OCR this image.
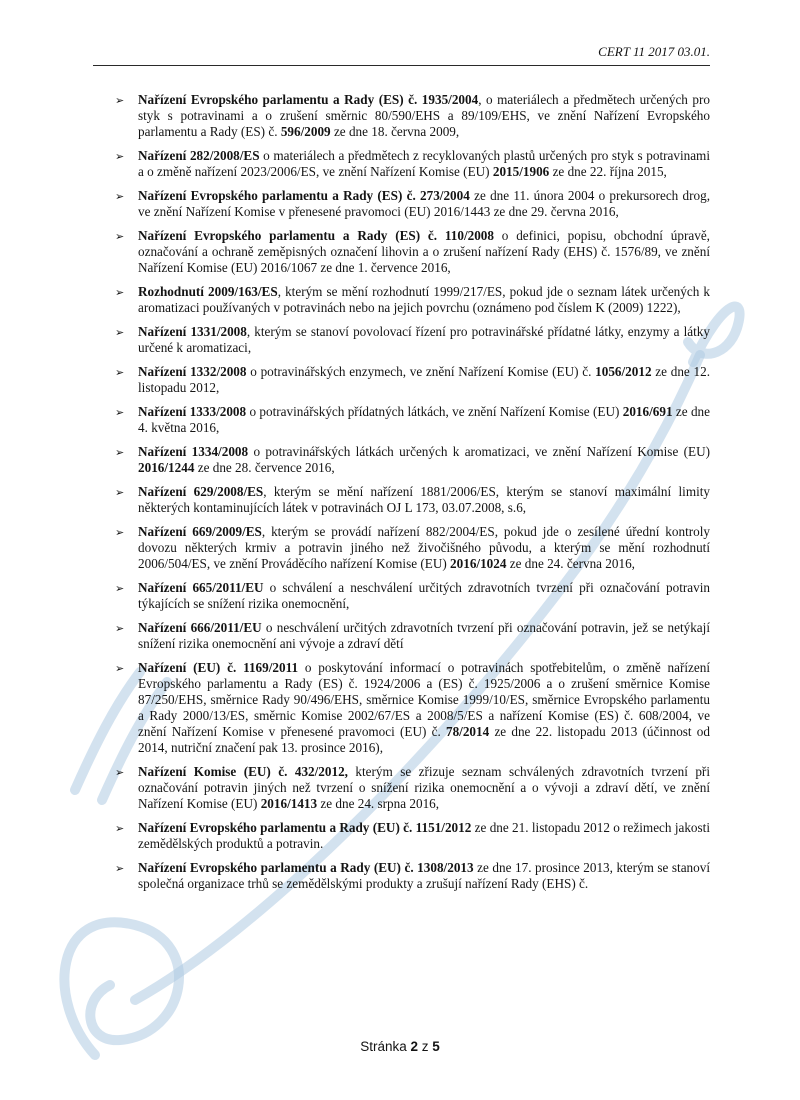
CERT 11 2017 03.01.
➢ Nařízení Evropského parlamentu a Rady (ES) č. 1935/2004, o materiálech a předmětech určených pro styk s potravinami a o zrušení směrnic 80/590/EHS a 89/109/EHS, ve znění Nařízení Evropského parlamentu a Rady (ES) č. 596/2009 ze dne 18. června 2009,
➢ Nařízení 282/2008/ES o materiálech a předmětech z recyklovaných plastů určených pro styk s potravinami a o změně nařízení 2023/2006/ES, ve znění Nařízení Komise (EU) 2015/1906 ze dne 22. října 2015,
➢ Nařízení Evropského parlamentu a Rady (ES) č. 273/2004 ze dne 11. února 2004 o prekursorech drog, ve znění Nařízení Komise v přenesené pravomoci (EU) 2016/1443 ze dne 29. června 2016,
➢ Nařízení Evropského parlamentu a Rady (ES) č. 110/2008 o definici, popisu, obchodní úpravě, označování a ochraně zeměpisných označení lihovin a o zrušení nařízení Rady (EHS) č. 1576/89, ve znění Nařízení Komise (EU) 2016/1067 ze dne 1. července 2016,
➢ Rozhodnutí 2009/163/ES, kterým se mění rozhodnutí 1999/217/ES, pokud jde o seznam látek určených k aromatizaci používaných v potravinách nebo na jejich povrchu (oznámeno pod číslem K (2009) 1222),
➢ Nařízení 1331/2008, kterým se stanoví povolovací řízení pro potravinářské přídatné látky, enzymy a látky určené k aromatizaci,
➢ Nařízení 1332/2008 o potravinářských enzymech, ve znění Nařízení Komise (EU) č. 1056/2012 ze dne 12. listopadu 2012,
➢ Nařízení 1333/2008 o potravinářských přídatných látkách, ve znění Nařízení Komise (EU) 2016/691 ze dne 4. května 2016,
➢ Nařízení 1334/2008 o potravinářských látkách určených k aromatizaci, ve znění Nařízení Komise (EU) 2016/1244 ze dne 28. července 2016,
➢ Nařízení 629/2008/ES, kterým se mění nařízení 1881/2006/ES, kterým se stanoví maximální limity některých kontaminujících látek v potravinách OJ L 173, 03.07.2008, s.6,
➢ Nařízení 669/2009/ES, kterým se provádí nařízení 882/2004/ES, pokud jde o zesílené úřední kontroly dovozu některých krmiv a potravin jiného než živočišného původu, a kterým se mění rozhodnutí 2006/504/ES, ve znění Prováděcího nařízení Komise (EU) 2016/1024 ze dne 24. června 2016,
➢ Nařízení 665/2011/EU o schválení a neschválení určitých zdravotních tvrzení při označování potravin týkajících se snížení rizika onemocnění,
➢ Nařízení 666/2011/EU o neschválení určitých zdravotních tvrzení při označování potravin, jež se netýkají snížení rizika onemocnění ani vývoje a zdraví dětí
➢ Nařízení (EU) č. 1169/2011 o poskytování informací o potravinách spotřebitelům, o změně nařízení Evropského parlamentu a Rady (ES) č. 1924/2006 a (ES) č. 1925/2006 a o zrušení směrnice Komise 87/250/EHS, směrnice Rady 90/496/EHS, směrnice Komise 1999/10/ES, směrnice Evropského parlamentu a Rady 2000/13/ES, směrnic Komise 2002/67/ES a 2008/5/ES a nařízení Komise (ES) č. 608/2004, ve znění Nařízení Komise v přenesené pravomoci (EU) č. 78/2014 ze dne 22. listopadu 2013 (účinnost od 2014, nutriční značení pak 13. prosince 2016),
➢ Nařízení Komise (EU) č. 432/2012, kterým se zřizuje seznam schválených zdravotních tvrzení při označování potravin jiných než tvrzení o snížení rizika onemocnění a o vývoji a zdraví dětí, ve znění Nařízení Komise (EU) 2016/1413 ze dne 24. srpna 2016,
➢ Nařízení Evropského parlamentu a Rady (EU) č. 1151/2012 ze dne 21. listopadu 2012 o režimech jakosti zemědělských produktů a potravin.
➢ Nařízení Evropského parlamentu a Rady (EU) č. 1308/2013 ze dne 17. prosince 2013, kterým se stanoví společná organizace trhů se zemědělskými produkty a zrušují nařízení Rady (EHS) č.
Stránka 2 z 5
